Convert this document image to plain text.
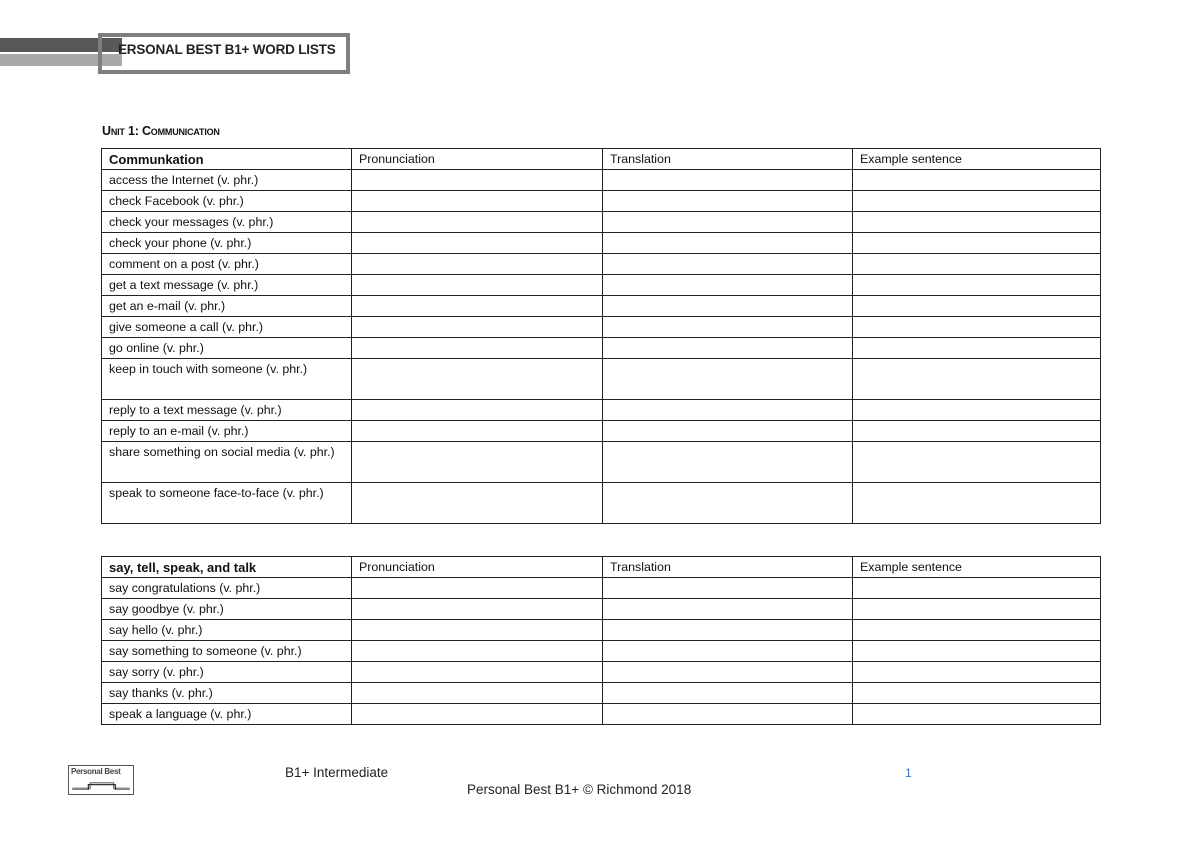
ERSONAL BEST B1+ WORD LISTS
Unit 1: Communication
Communkation	Pronunciation	Translation	Example sentence
access the Internet (v. phr.)			
check Facebook (v. phr.)			
check your messages (v. phr.)			
check your phone (v. phr.)			
comment on a post (v. phr.)			
get a text message (v. phr.)			
get an e-mail (v. phr.)			
give someone a call (v. phr.)			
go online (v. phr.)			
keep in touch with someone (v. phr.)			
reply to a text message (v. phr.)			
reply to an e-mail (v. phr.)			
share something on social media (v. phr.)			
speak to someone face-to-face (v. phr.)			
say, tell, speak, and talk	Pronunciation	Translation	Example sentence
say congratulations (v. phr.)			
say goodbye (v. phr.)			
say hello (v. phr.)			
say something to someone (v. phr.)			
say sorry (v. phr.)			
say thanks (v. phr.)			
speak a language (v. phr.)			
Personal Best	B1+ Intermediate
Personal Best B1+ © Richmond 2018
1
